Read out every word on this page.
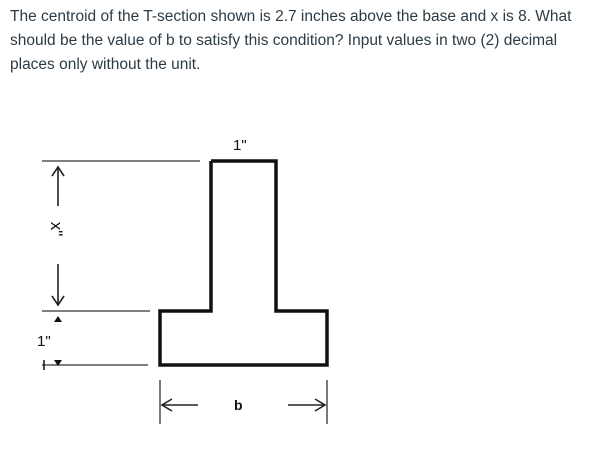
The centroid of the T-section shown is 2.7 inches above the base and x is 8. What should be the value of b to satisfy this condition? Input values in two (2) decimal places only without the unit.

1"
x"
1"
b
